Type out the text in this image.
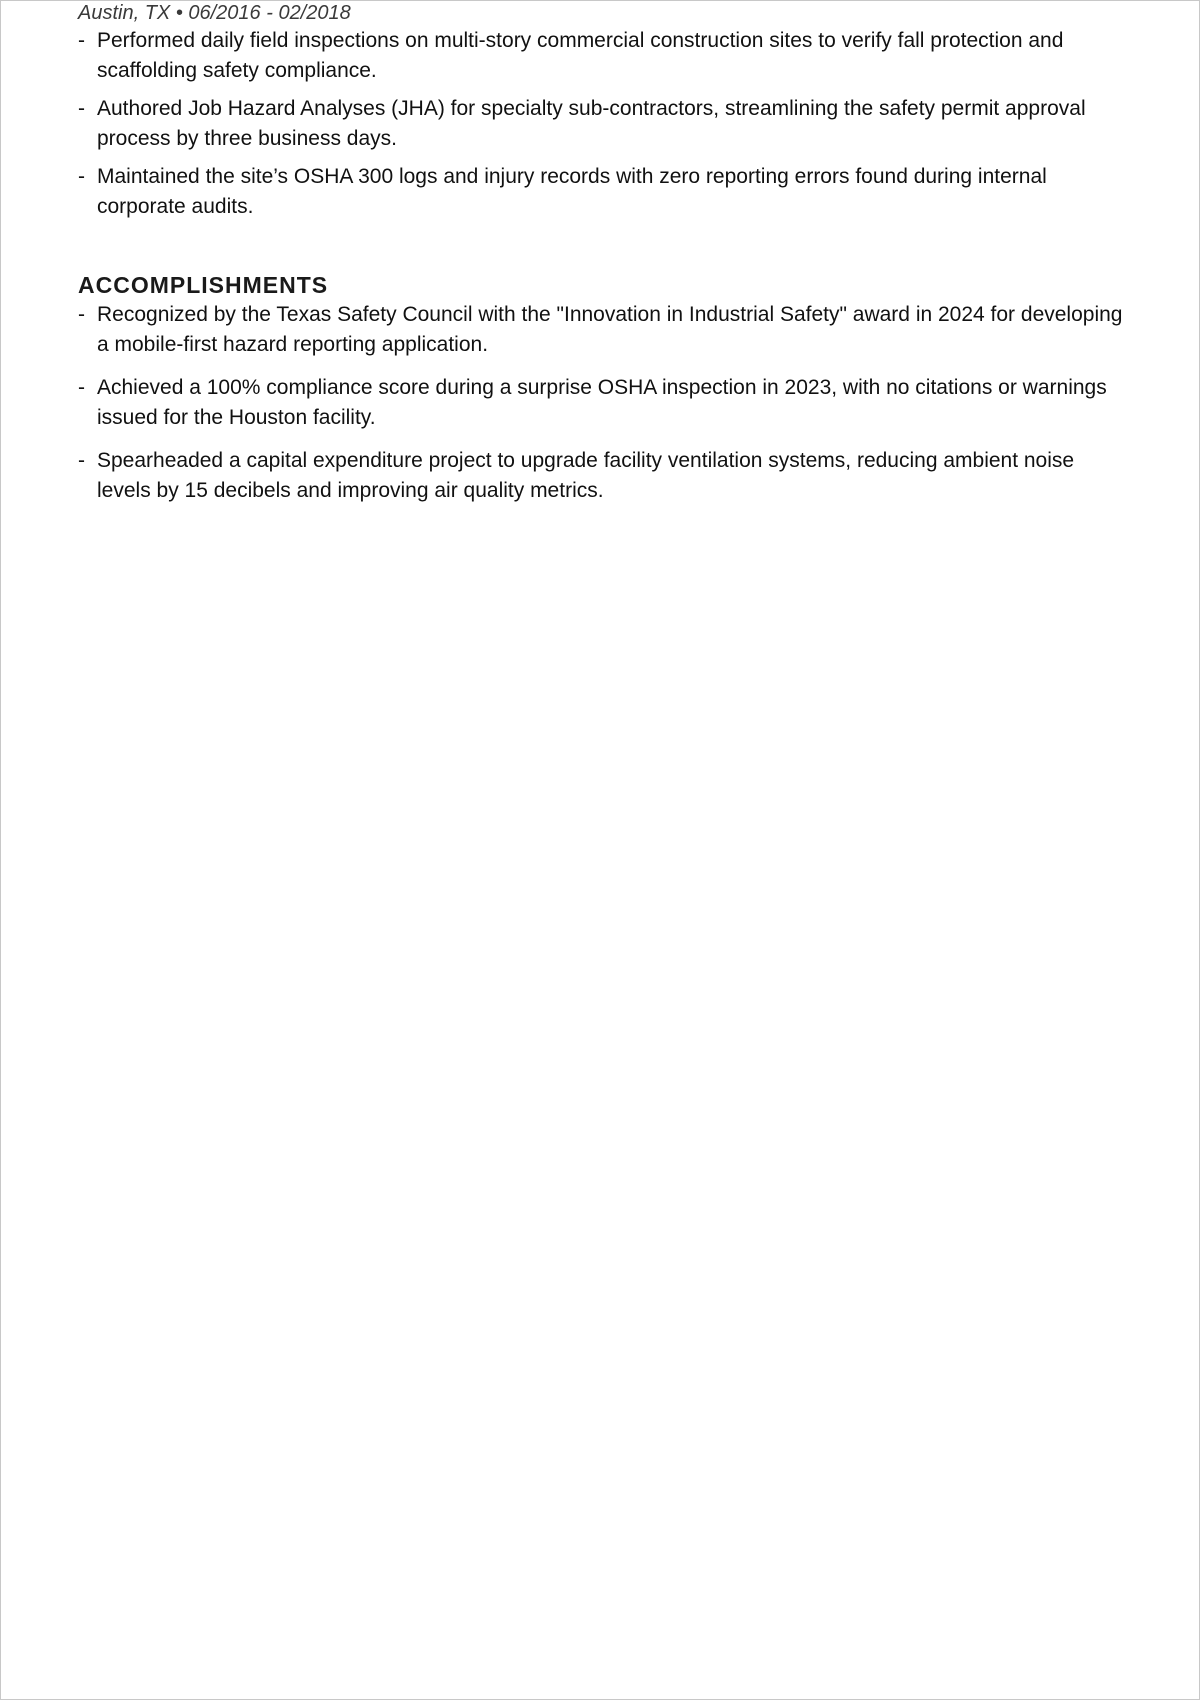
Austin, TX • 06/2016 - 02/2018

- Performed daily field inspections on multi-story commercial construction sites to verify fall protection and scaffolding safety compliance.
- Authored Job Hazard Analyses (JHA) for specialty sub-contractors, streamlining the safety permit approval process by three business days.
- Maintained the site’s OSHA 300 logs and injury records with zero reporting errors found during internal corporate audits.
ACCOMPLISHMENTS
- Recognized by the Texas Safety Council with the "Innovation in Industrial Safety" award in 2024 for developing a mobile-first hazard reporting application.
- Achieved a 100% compliance score during a surprise OSHA inspection in 2023, with no citations or warnings issued for the Houston facility.
- Spearheaded a capital expenditure project to upgrade facility ventilation systems, reducing ambient noise levels by 15 decibels and improving air quality metrics.
